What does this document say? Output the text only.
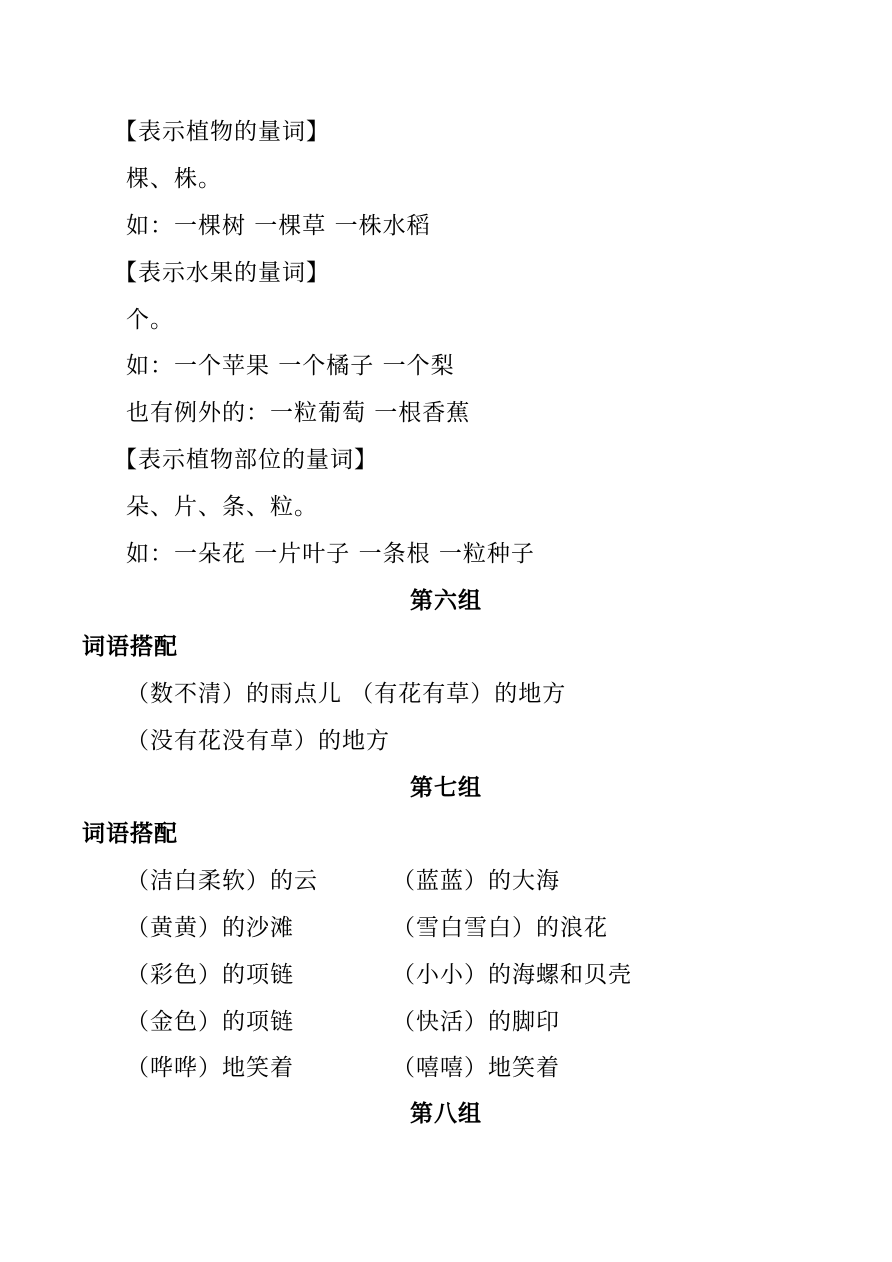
【表示植物的量词】
棵、株。
如：一棵树 一棵草 一株水稻
【表示水果的量词】
个。
如：一个苹果 一个橘子 一个梨
也有例外的：一粒葡萄 一根香蕉
【表示植物部位的量词】
朵、片、条、粒。
如：一朵花 一片叶子 一条根 一粒种子
第六组
词语搭配
（数不清）的雨点儿 （有花有草）的地方
（没有花没有草）的地方
第七组
词语搭配
（洁白柔软）的云	（蓝蓝）的大海
（黄黄）的沙滩	（雪白雪白）的浪花
（彩色）的项链	（小小）的海螺和贝壳
（金色）的项链	（快活）的脚印
（哗哗）地笑着	（嘻嘻）地笑着
第八组
